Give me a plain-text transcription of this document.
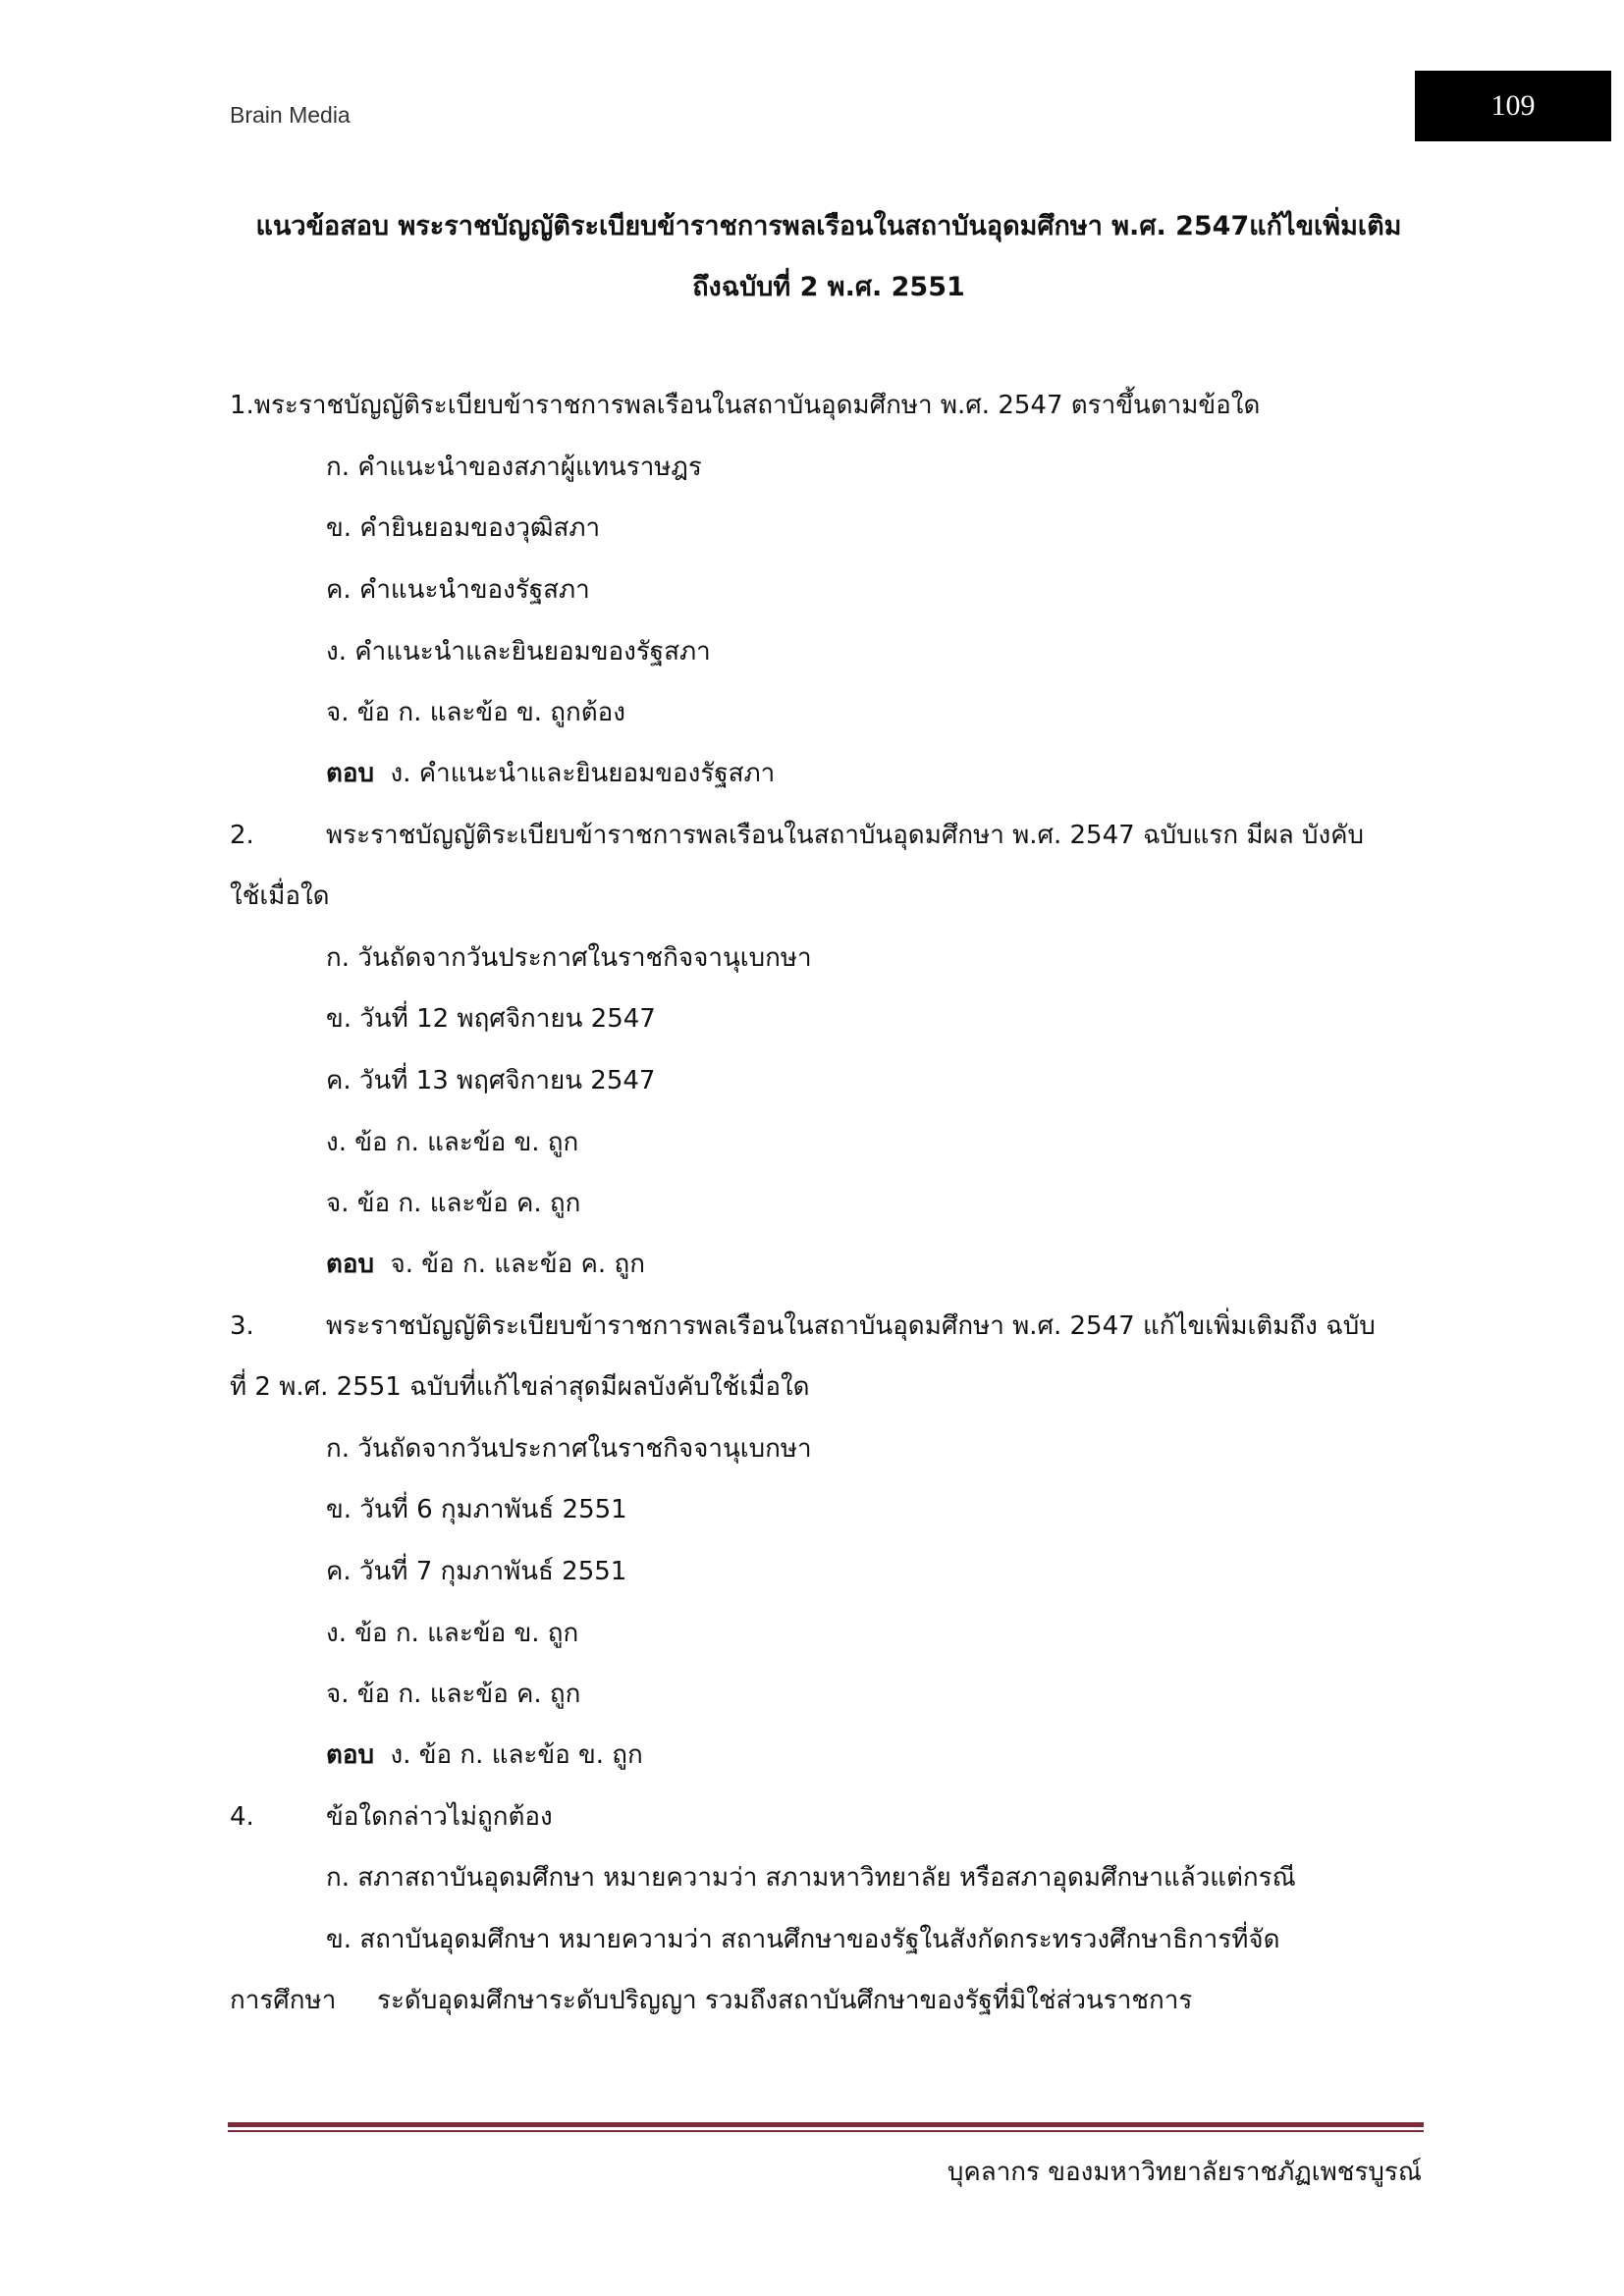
Brain Media	109
แนวข้อสอบ พระราชบัญญัติระเบียบข้าราชการพลเรือนในสถาบันอุดมศึกษา พ.ศ. 2547แก้ไขเพิ่มเติม
ถึงฉบับที่ 2 พ.ศ. 2551
1.พระราชบัญญัติระเบียบข้าราชการพลเรือนในสถาบันอุดมศึกษา พ.ศ. 2547 ตราขึ้นตามข้อใด
ก. คำแนะนำของสภาผู้แทนราษฎร
ข. คำยินยอมของวุฒิสภา
ค. คำแนะนำของรัฐสภา
ง. คำแนะนำและยินยอมของรัฐสภา
จ. ข้อ ก. และข้อ ข. ถูกต้อง
ตอบ ง. คำแนะนำและยินยอมของรัฐสภา
2.	พระราชบัญญัติระเบียบข้าราชการพลเรือนในสถาบันอุดมศึกษา พ.ศ. 2547 ฉบับแรก มีผล บังคับ
ใช้เมื่อใด
ก. วันถัดจากวันประกาศในราชกิจจานุเบกษา
ข. วันที่ 12 พฤศจิกายน 2547
ค. วันที่ 13 พฤศจิกายน 2547
ง. ข้อ ก. และข้อ ข. ถูก
จ. ข้อ ก. และข้อ ค. ถูก
ตอบ จ. ข้อ ก. และข้อ ค. ถูก
3.	พระราชบัญญัติระเบียบข้าราชการพลเรือนในสถาบันอุดมศึกษา พ.ศ. 2547 แก้ไขเพิ่มเติมถึง ฉบับ
ที่ 2 พ.ศ. 2551 ฉบับที่แก้ไขล่าสุดมีผลบังคับใช้เมื่อใด
ก. วันถัดจากวันประกาศในราชกิจจานุเบกษา
ข. วันที่ 6 กุมภาพันธ์ 2551
ค. วันที่ 7 กุมภาพันธ์ 2551
ง. ข้อ ก. และข้อ ข. ถูก
จ. ข้อ ก. และข้อ ค. ถูก
ตอบ ง. ข้อ ก. และข้อ ข. ถูก
4.	ข้อใดกล่าวไม่ถูกต้อง
ก. สภาสถาบันอุดมศึกษา หมายความว่า สภามหาวิทยาลัย หรือสภาอุดมศึกษาแล้วแต่กรณี
ข. สถาบันอุดมศึกษา หมายความว่า สถานศึกษาของรัฐในสังกัดกระทรวงศึกษาธิการที่จัด
การศึกษา ระดับอุดมศึกษาระดับปริญญา รวมถึงสถาบันศึกษาของรัฐที่มิใช่ส่วนราชการ
บุคลากร ของมหาวิทยาลัยราชภัฏเพชรบูรณ์
